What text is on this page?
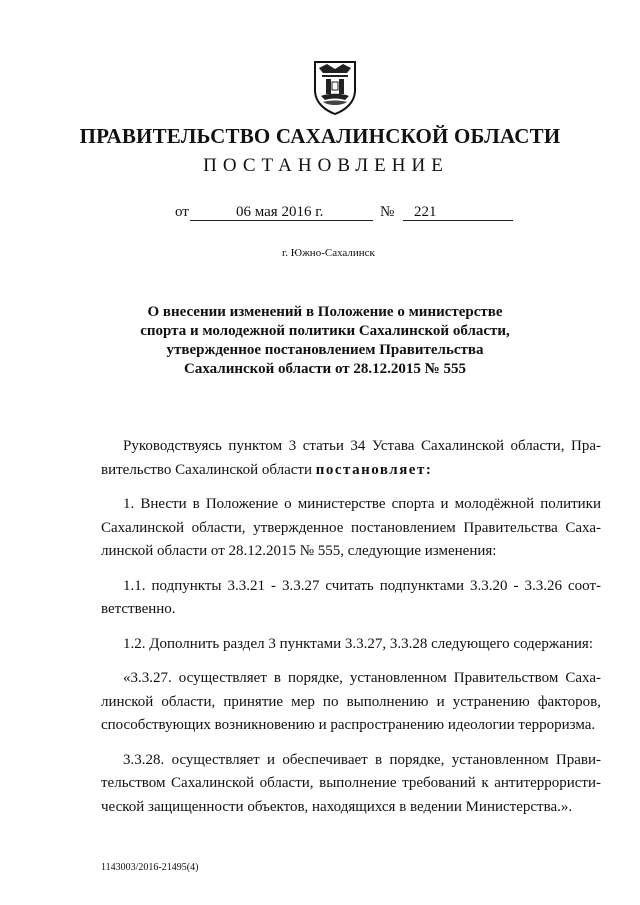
ПРАВИТЕЛЬСТВО САХАЛИНСКОЙ ОБЛАСТИ
ПОСТАНОВЛЕНИЕ
от	06 мая 2016 г.	№ 221
г. Южно-Сахалинск
О внесении изменений в Положение о министерстве
спорта и молодежной политики Сахалинской области,
утвержденное постановлением Правительства
Сахалинской области от 28.12.2015 № 555
Руководствуясь пунктом 3 статьи 34 Устава Сахалинской области, Пра-
вительство Сахалинской области постановляет:
1. Внести в Положение о министерстве спорта и молодёжной политики
Сахалинской области, утвержденное постановлением Правительства Саха-
линской области от 28.12.2015 № 555, следующие изменения:
1.1. подпункты 3.3.21 - 3.3.27 считать подпунктами 3.3.20 - 3.3.26 соот-
ветственно.
1.2. Дополнить раздел 3 пунктами 3.3.27, 3.3.28 следующего содержания:
«3.3.27. осуществляет в порядке, установленном Правительством Саха-
линской области, принятие мер по выполнению и устранению факторов,
способствующих возникновению и распространению идеологии терроризма.
3.3.28. осуществляет и обеспечивает в порядке, установленном Прави-
тельством Сахалинской области, выполнение требований к антитеррористи-
ческой защищенности объектов, находящихся в ведении Министерства.».
1143003/2016-21495(4)
